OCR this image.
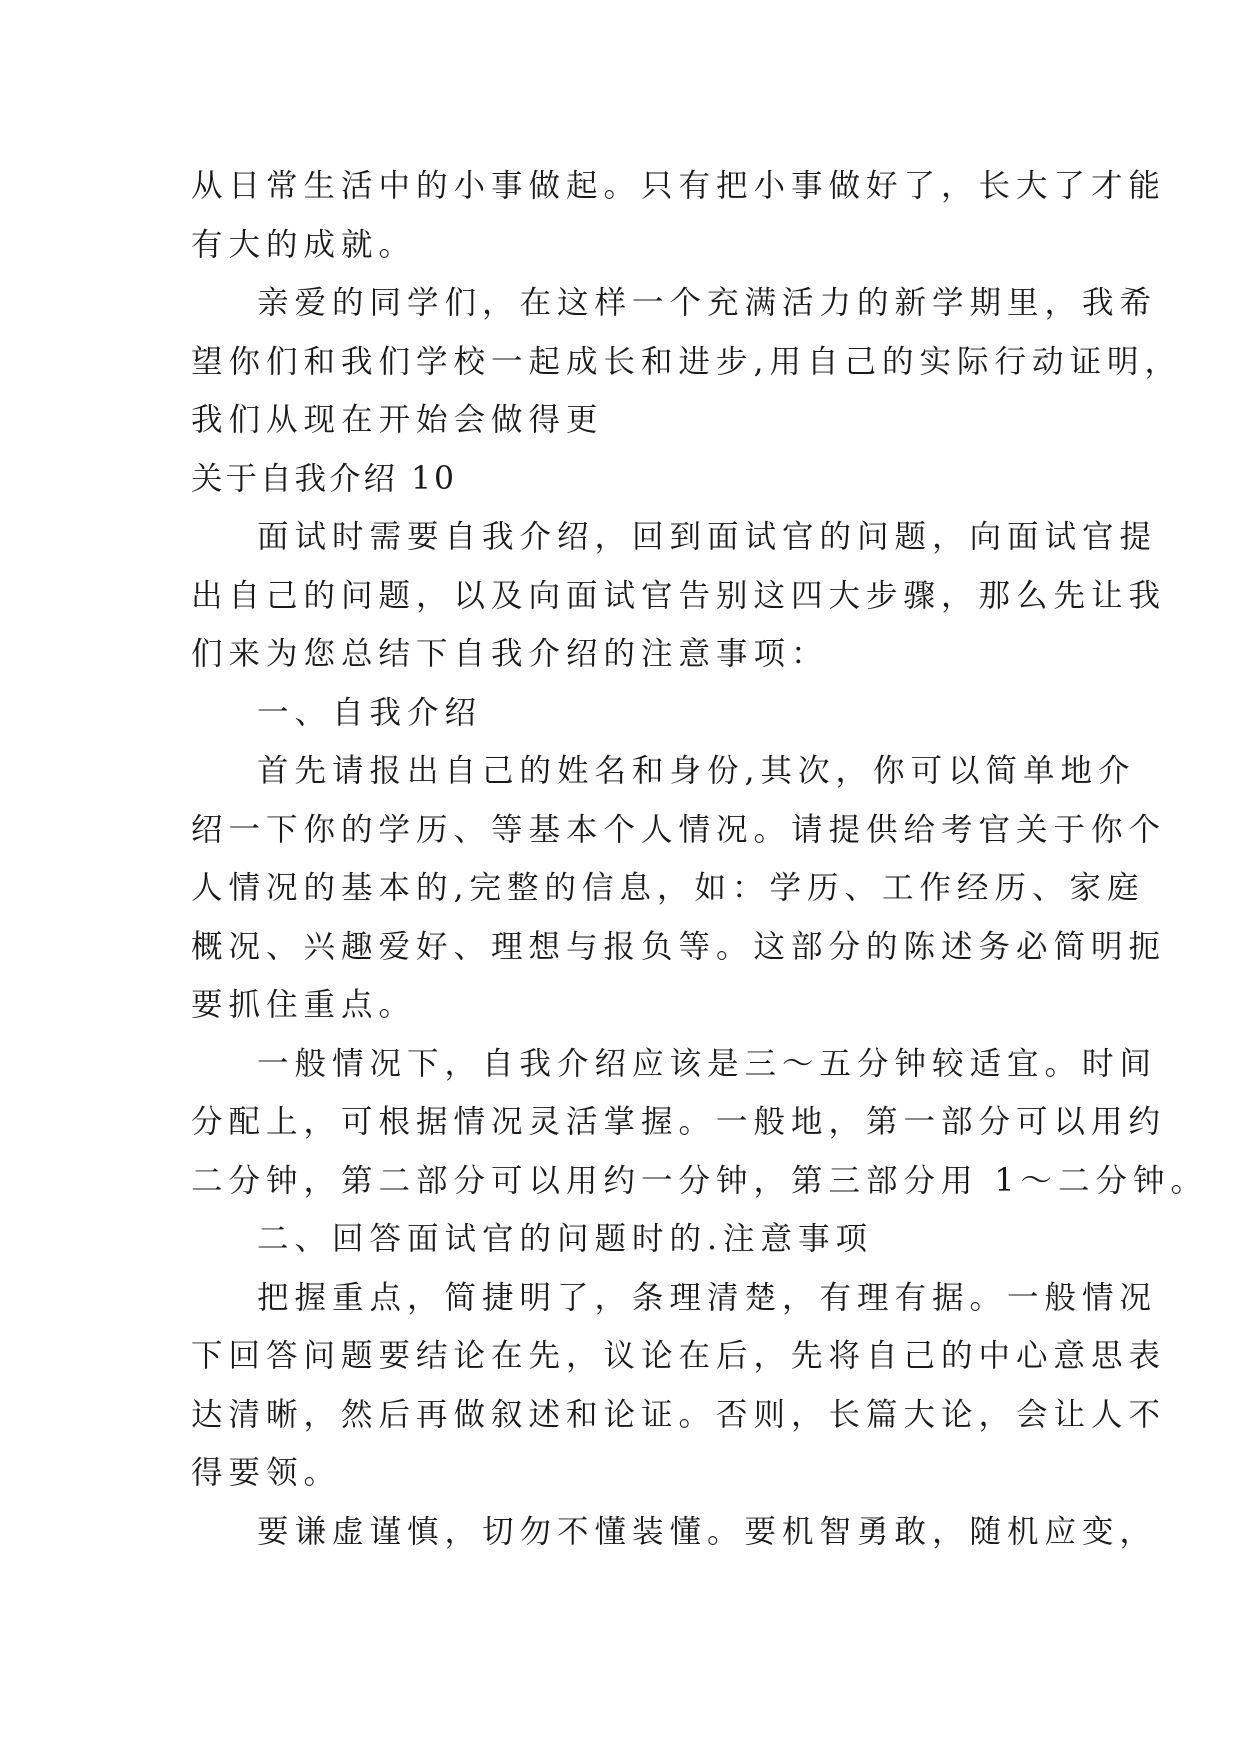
从日常生活中的小事做起。只有把小事做好了，长大了才能
有大的成就。
亲爱的同学们，在这样一个充满活力的新学期里，我希
望你们和我们学校一起成长和进步,用自己的实际行动证明，
我们从现在开始会做得更
关于自我介绍 10
面试时需要自我介绍，回到面试官的问题，向面试官提
出自己的问题，以及向面试官告别这四大步骤，那么先让我
们来为您总结下自我介绍的注意事项：
一、自我介绍
首先请报出自己的姓名和身份,其次，你可以简单地介
绍一下你的学历、等基本个人情况。请提供给考官关于你个
人情况的基本的,完整的信息，如：学历、工作经历、家庭
概况、兴趣爱好、理想与报负等。这部分的陈述务必简明扼
要抓住重点。
一般情况下，自我介绍应该是三～五分钟较适宜。时间
分配上，可根据情况灵活掌握。一般地，第一部分可以用约
二分钟，第二部分可以用约一分钟，第三部分用 1～二分钟。
二、回答面试官的问题时的.注意事项
把握重点，简捷明了，条理清楚，有理有据。一般情况
下回答问题要结论在先，议论在后，先将自己的中心意思表
达清晰，然后再做叙述和论证。否则，长篇大论，会让人不
得要领。
要谦虚谨慎，切勿不懂装懂。要机智勇敢，随机应变，
